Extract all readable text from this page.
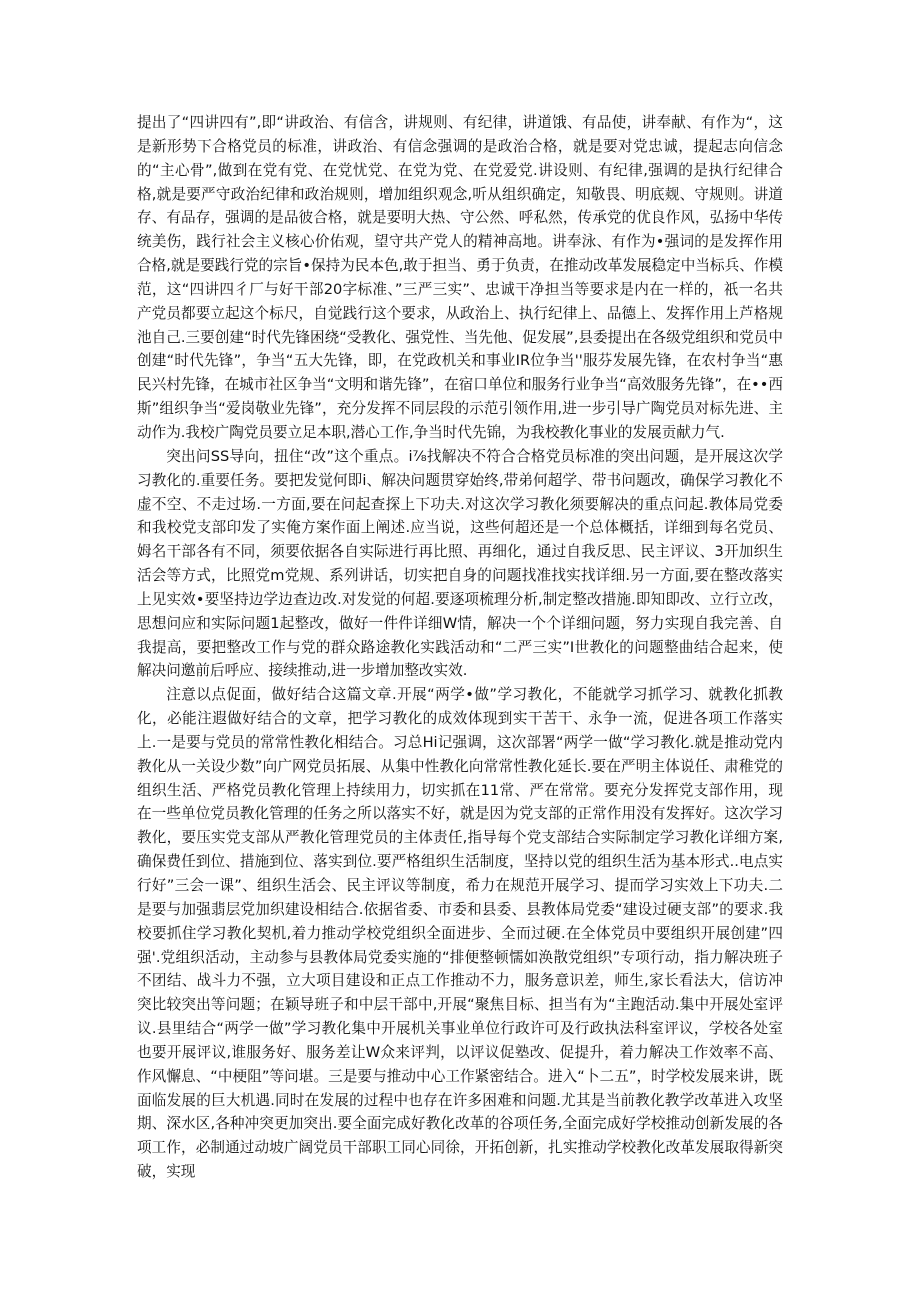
提出了“四讲四有”,即“讲政治、有信含，讲规则、有纪律，讲道饿、有品使，讲奉献、有作为“，这是新形势下合格党员的标准，讲政治、有信念强调的是政治合格，就是要对党忠诚，提起志向信念的“主心骨”,做到在党有党、在党忧党、在党为党、在党爱党.讲设则、有纪律,强调的是执行纪律合格,就是要严守政治纪律和政治规则，增加组织观念,听从组织确定，知敬畏、明底觌、守规则。讲道存、有品存，强调的是品彼合格，就是要明大热、守公然、呼私然，传承党的优良作风，弘扬中华传统美伤，践行社会主义核心价佑观，望守共产党人的精神高地。讲奉泳、有作为•强词的是发挥作用合格,就是要践行党的宗旨•保持为民本色,敢于担当、勇于负责，在推动改革发展稳定中当标兵、作模范，这“四讲四彳厂与好干部20字标准、”三严三实”、忠诚干净担当等要求是内在一样的，祇一名共产党员都要立起这个标尺，自觉践行这个要求，从政治上、执行纪律上、品德上、发挥作用上芦格规池自己.三要创建“时代先锋困绕“受教化、强党性、当先他、促发展”,县委提出在各级党组织和党员中创建“时代先锋”，争当“五大先锋，即，在党政机关和事业IR位争当''服芬发展先锋，在农村争当“惠民兴村先锋，在城市社区争当“文明和谐先锋”，在宿口单位和服务行业争当“高效服务先锋”，在••西斯”组织争当“爱岗敬业先锋”，充分发挥不同层段的示范引领作用,进一步引导广陶党员对标先进、主动作为.我校广陶党员要立足本职,潜心工作,争当时代先锦，为我校教化事业的发展贡献力气.

突出问SS导向，扭住“改”这个重点。i⅞找解决不符合合格党员标准的突出问题，是开展这次学习教化的.重要任务。要把发觉何即i、解决问题贯穿始终,带弟何超学、带书问题改，确保学习教化不虚不空、不走过场.一方面,要在问起查探上下功夫.对这次学习教化须要解决的重点问起.教体局党委和我校党支部印发了实俺方案作面上阐述.应当说，这些何超还是一个总体概括，详细到每名党员、姆名干部各有不同，须要依据各自实际进行再比照、再细化，通过自我反思、民主评议、3开加织生活会等方式，比照党m党规、系列讲话，切实把自身的问题找准找实找详细.另一方面,要在整改落实上见实效•要坚持边学边查边改.对发觉的何超.要逐项梳理分析,制定整改措施.即知即改、立行立改，思想问应和实际问题1起整改，做好一件件详细W情，解决一个个详细问题，努力实现自我完善、自我提高，要把整改工作与党的群众路途教化实践活动和“二严三实”I世教化的问题整曲结合起来，使解决问邀前后呼应、接续推动,进一步增加整改实效.

注意以点促面，做好结合这篇文章.开展“两学•做”学习教化，不能就学习抓学习、就教化抓教化，必能注遐做好结合的文章，把学习教化的成效体现到实干苦干、永争一流，促进各项工作落实上.一是要与党员的常常性教化相结合。习总Hi记强调，这次部署“两学一做“学习教化.就是推动党内教化从一关设少数”向广网党员拓展、从集中性教化向常常性教化延长.要在严明主体说任、肃稚党的组织生活、严格党员教化管理上持续用力，切实抓在11常、严在常常。要充分发挥党支部作用，现在一些单位党员教化管理的任务之所以落实不好，就是因为党支部的正常作用没有发挥好。这次学习教化，要压实党支部从严教化管理党员的主体责任,指导每个党支部结合实际制定学习教化详细方案,确保费任到位、措施到位、落实到位.要严格组织生活制度，坚持以党的组织生活为基本形式..电点实行好”三会一课”、组织生活会、民主评议等制度，希力在规范开展学习、提而学习实效上下功夫.二是要与加强翡层党加织建设相结合.依据省委、市委和县委、县教体局党委“建设过硬支部”的要求.我校要抓住学习教化契机,着力推动学校党组织全面进步、全而过硬.在全体党员中要组织开展创建”四强'.党组织活动，主动参与县教体局党委实施的“排便整顿懦如涣散党组织”专项行动，指力解决班子不团结、战斗力不强，立大项目建设和正点工作推动不力，服务意识差，师生,家长看法大，信访冲突比较突出等问题；在颖导班子和中层干部中,开展“聚焦目标、担当有为“主跑活动.集中开展处室评议.县里结合“两学一做”学习教化集中开展机关事业单位行政许可及行政执法科室评议，学校各处室也要开展评议,谁服务好、服务差让W众来评判，以评议促塾改、促提升，着力解决工作效率不高、作风懈息、“中梗阻”等问堪。三是要与推动中心工作紧密结合。进入“卜二五”，时学校发展来讲，既面临发展的巨大机遇.同时在发展的过程中也存在许多困难和问题.尤其是当前教化教学改革进入攻坚期、深水区,各种冲突更加突出.要全面完成好教化改革的谷项任务,全面完成好学校推动创新发展的各项工作，必制通过动坡广阔党员干部职工同心同徐，开拓创新，扎实推动学校教化改革发展取得新突破，实现
